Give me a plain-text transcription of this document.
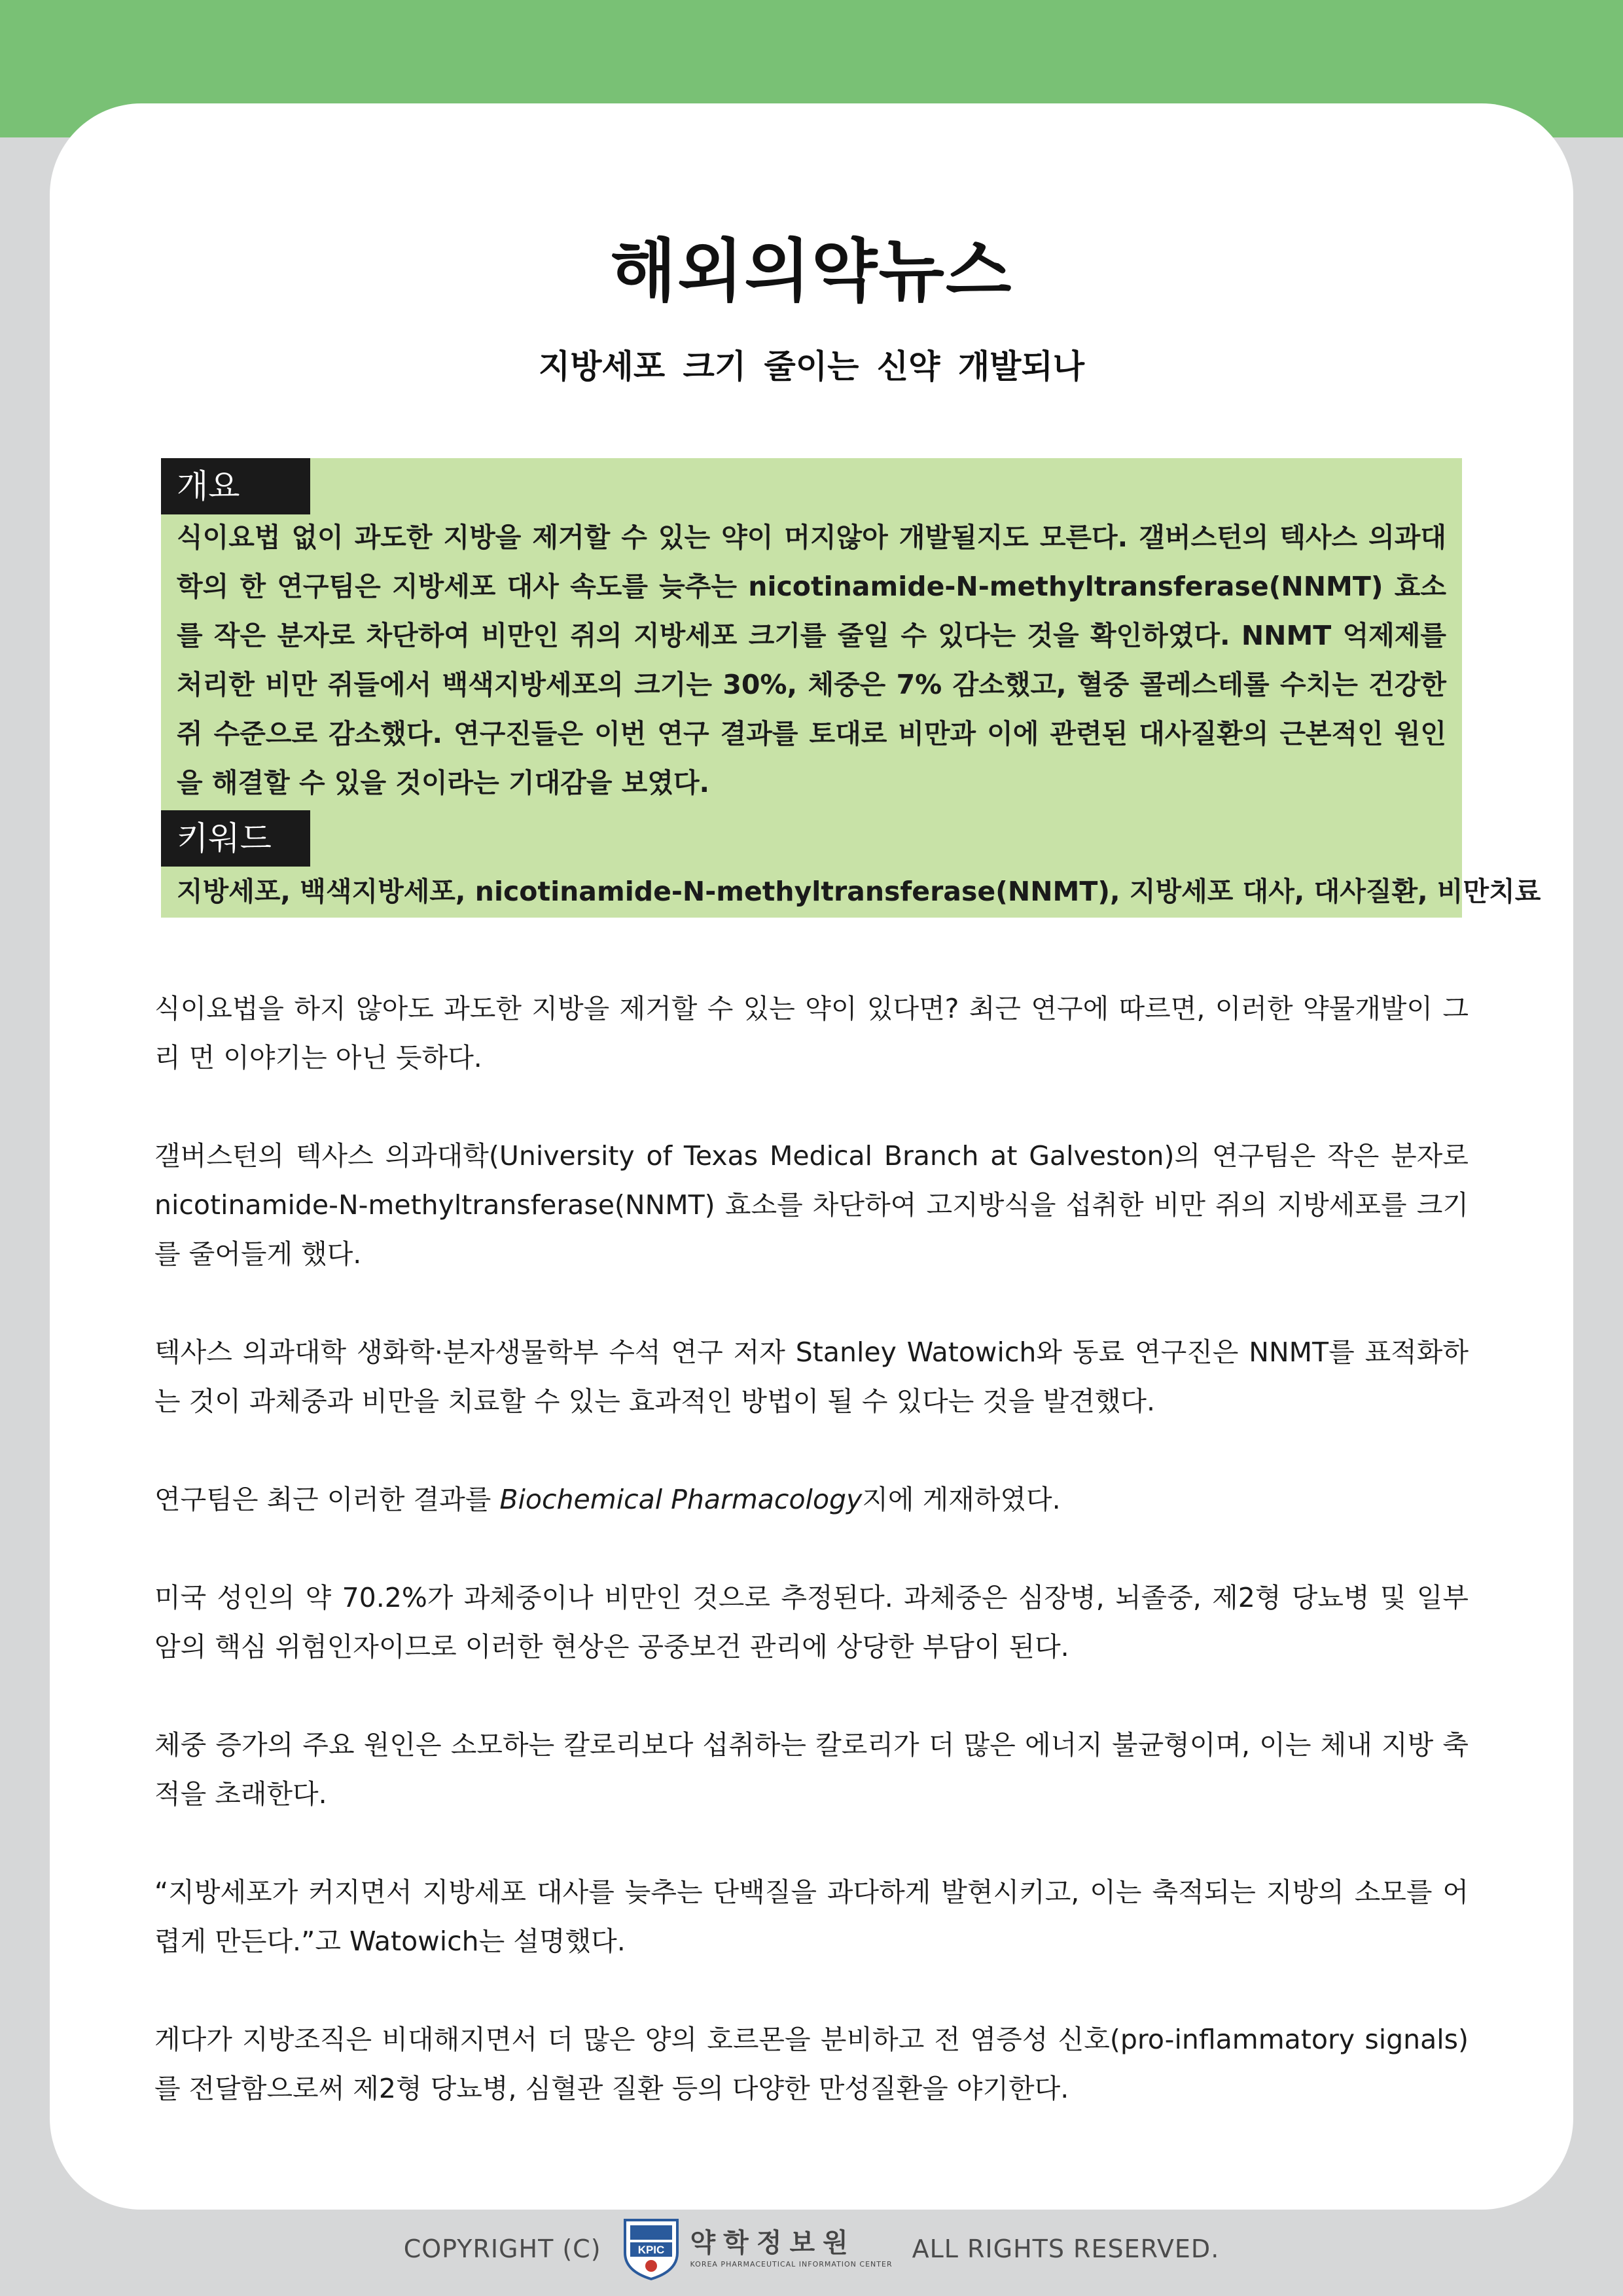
해외의약뉴스
지방세포 크기 줄이는 신약 개발되나
개요

식이요법 없이 과도한 지방을 제거할 수 있는 약이 머지않아 개발될지도 모른다. 갤버스턴의 텍사스 의과대학의 한 연구팀은 지방세포 대사 속도를 늦추는 nicotinamide-N-methyltransferase(NNMT) 효소를 작은 분자로 차단하여 비만인 쥐의 지방세포 크기를 줄일 수 있다는 것을 확인하였다. NNMT 억제제를 처리한 비만 쥐들에서 백색지방세포의 크기는 30%, 체중은 7% 감소했고, 혈중 콜레스테롤 수치는 건강한 쥐 수준으로 감소했다. 연구진들은 이번 연구 결과를 토대로 비만과 이에 관련된 대사질환의 근본적인 원인을 해결할 수 있을 것이라는 기대감을 보였다.

키워드

지방세포, 백색지방세포, nicotinamide-N-methyltransferase(NNMT), 지방세포 대사, 대사질환, 비만치료

식이요법을 하지 않아도 과도한 지방을 제거할 수 있는 약이 있다면? 최근 연구에 따르면, 이러한 약물개발이 그리 먼 이야기는 아닌 듯하다.

갤버스턴의 텍사스 의과대학(University of Texas Medical Branch at Galveston)의 연구팀은 작은 분자로 nicotinamide-N-methyltransferase(NNMT) 효소를 차단하여 고지방식을 섭취한 비만 쥐의 지방세포를 크기를 줄어들게 했다.

텍사스 의과대학 생화학·분자생물학부 수석 연구 저자 Stanley Watowich와 동료 연구진은 NNMT를 표적화하는 것이 과체중과 비만을 치료할 수 있는 효과적인 방법이 될 수 있다는 것을 발견했다.

연구팀은 최근 이러한 결과를 Biochemical Pharmacology지에 게재하였다.

미국 성인의 약 70.2%가 과체중이나 비만인 것으로 추정된다. 과체중은 심장병, 뇌졸중, 제2형 당뇨병 및 일부 암의 핵심 위험인자이므로 이러한 현상은 공중보건 관리에 상당한 부담이 된다.

체중 증가의 주요 원인은 소모하는 칼로리보다 섭취하는 칼로리가 더 많은 에너지 불균형이며, 이는 체내 지방 축적을 초래한다.

“지방세포가 커지면서 지방세포 대사를 늦추는 단백질을 과다하게 발현시키고, 이는 축적되는 지방의 소모를 어렵게 만든다.”고 Watowich는 설명했다.

게다가 지방조직은 비대해지면서 더 많은 양의 호르몬을 분비하고 전 염증성 신호(pro-inflammatory signals)를 전달함으로써 제2형 당뇨병, 심혈관 질환 등의 다양한 만성질환을 야기한다.

COPYRIGHT (C)	KPIC 약학정보원
KOREA PHARMACEUTICAL INFORMATION CENTER
ALL RIGHTS RESERVED.
